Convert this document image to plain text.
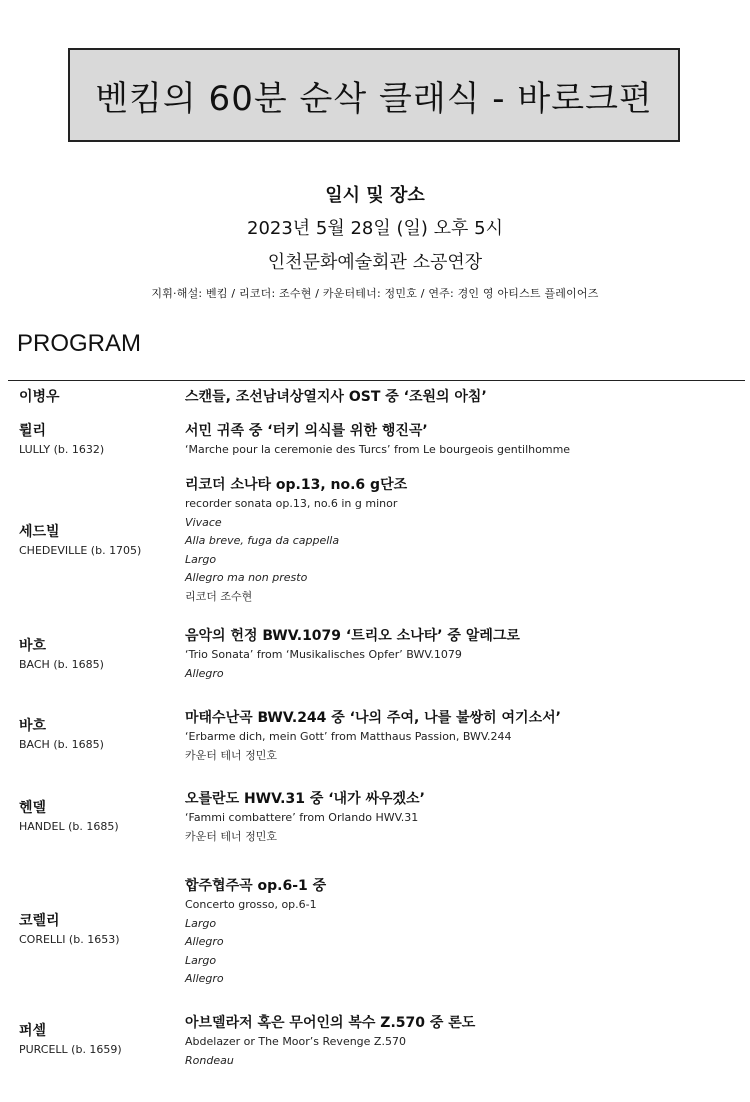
벤킴의 60분 순삭 클래식 - 바로크편
일시 및 장소
2023년 5월 28일 (일) 오후 5시
인천문화예술회관 소공연장
지휘·해설: 벤킴 / 리코더: 조수현 / 카운터테너: 정민호 / 연주: 경인 영 아티스트 플레이어즈
PROGRAM
이병우	스캔들, 조선남녀상열지사 OST 중 ‘조원의 아침’
륄리
LULLY (b. 1632)
서민 귀족 중 ‘터키 의식를 위한 행진곡’
‘Marche pour la ceremonie des Turcs’ from Le bourgeois gentilhomme
세드빌
CHEDEVILLE (b. 1705)
리코더 소나타 op.13, no.6 g단조
recorder sonata op.13, no.6 in g minor
Vivace
Alla breve, fuga da cappella
Largo
Allegro ma non presto
리코더 조수현
바흐
BACH (b. 1685)
음악의 헌정 BWV.1079 ‘트리오 소나타’ 중 알레그로
‘Trio Sonata’ from ‘Musikalisches Opfer’ BWV.1079
Allegro
바흐
BACH (b. 1685)
마태수난곡 BWV.244 중 ‘나의 주여, 나를 불쌍히 여기소서’
‘Erbarme dich, mein Gott’ from Matthaus Passion, BWV.244
카운터 테너 정민호
헨델
HANDEL (b. 1685)
오를란도 HWV.31 중 ‘내가 싸우겠소’
‘Fammi combattere’ from Orlando HWV.31
카운터 테너 정민호
코렐리
CORELLI (b. 1653)
합주협주곡 op.6-1 중
Concerto grosso, op.6-1
Largo
Allegro
Largo
Allegro
퍼셀
PURCELL (b. 1659)
아브델라저 혹은 무어인의 복수 Z.570 중 론도
Abdelazer or The Moor’s Revenge Z.570
Rondeau
